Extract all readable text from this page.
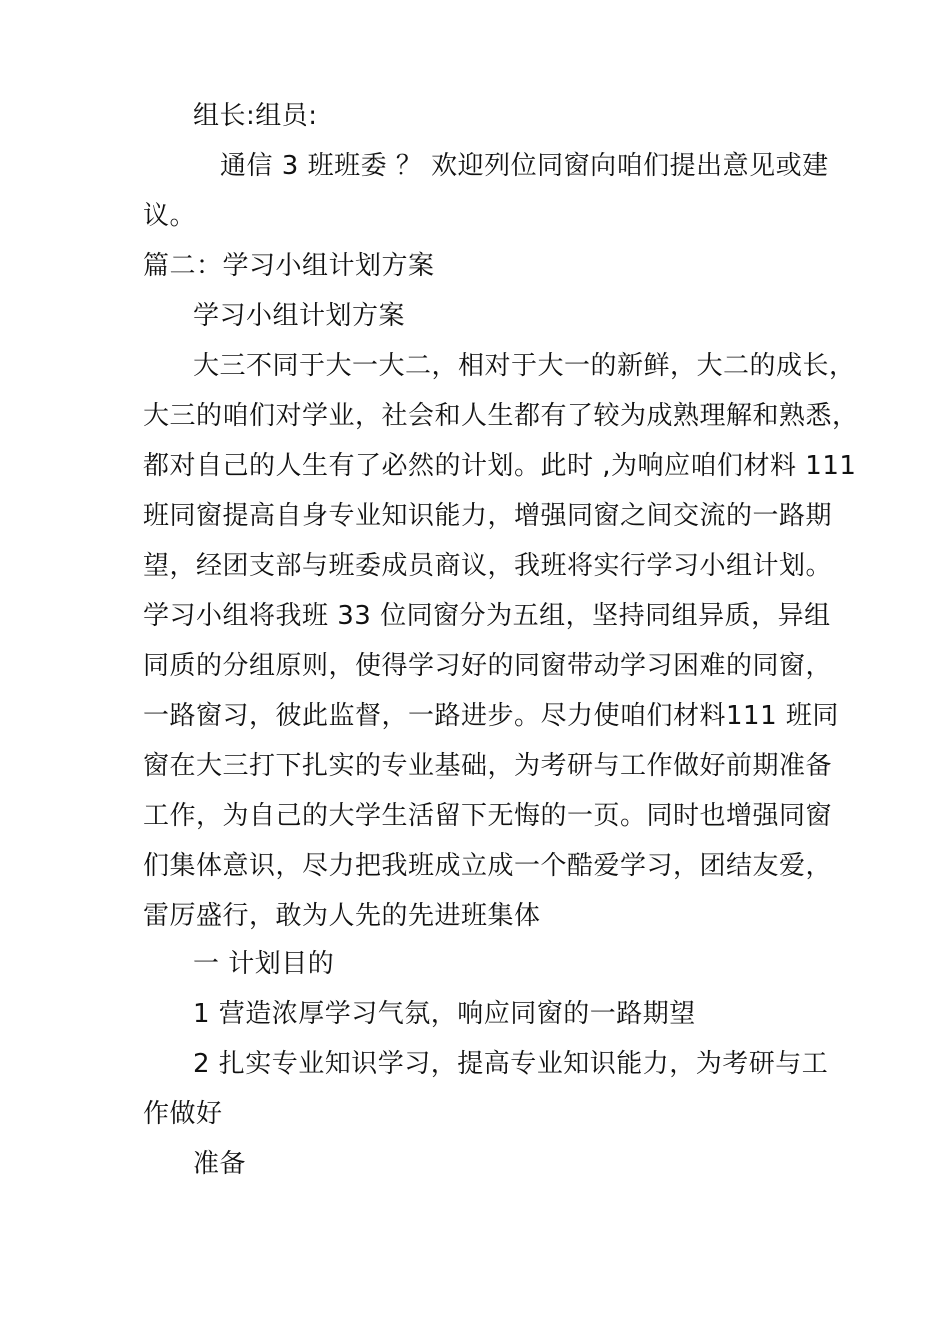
组长:组员:
通信 3 班班委 ？ 欢迎列位同窗向咱们提出意见或建
议。
篇二：学习小组计划方案
学习小组计划方案
大三不同于大一大二，相对于大一的新鲜，大二的成长，
大三的咱们对学业，社会和人生都有了较为成熟理解和熟悉，
都对自己的人生有了必然的计划。此时 ,为响应咱们材料 111
班同窗提高自身专业知识能力，增强同窗之间交流的一路期
望，经团支部与班委成员商议，我班将实行学习小组计划。
学习小组将我班 33 位同窗分为五组，坚持同组异质，异组
同质的分组原则，使得学习好的同窗带动学习困难的同窗，
一路窗习，彼此监督，一路进步。尽力使咱们材料111 班同
窗在大三打下扎实的专业基础，为考研与工作做好前期准备
工作，为自己的大学生活留下无悔的一页。同时也增强同窗
们集体意识，尽力把我班成立成一个酷爱学习，团结友爱，
雷厉盛行，敢为人先的先进班集体
一 计划目的
1 营造浓厚学习气氛，响应同窗的一路期望
2 扎实专业知识学习，提高专业知识能力，为考研与工
作做好
准备
